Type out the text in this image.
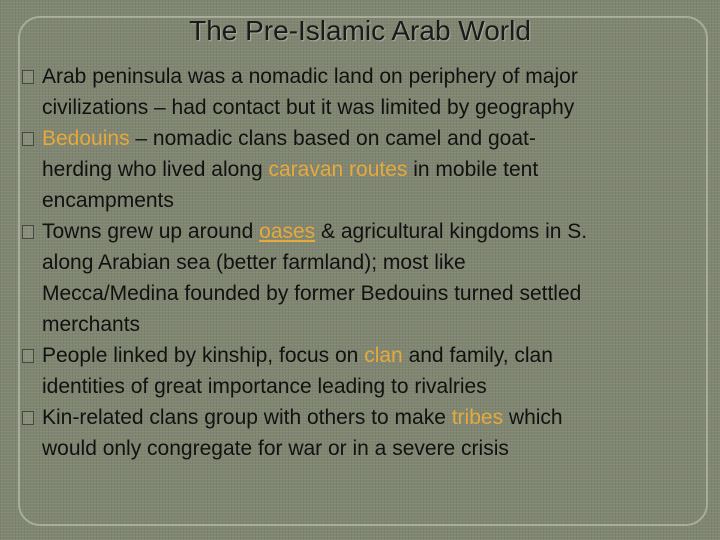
The Pre-Islamic Arab World
Arab peninsula was a nomadic land on periphery of major
civilizations – had contact but it was limited by geography
Bedouins – nomadic clans based on camel and goat-
herding who lived along caravan routes in mobile tent
encampments
Towns grew up around oases & agricultural kingdoms in S.
along Arabian sea (better farmland); most like
Mecca/Medina founded by former Bedouins turned settled
merchants
People linked by kinship, focus on clan and family, clan
identities of great importance leading to rivalries
Kin-related clans group with others to make tribes which
would only congregate for war or in a severe crisis
